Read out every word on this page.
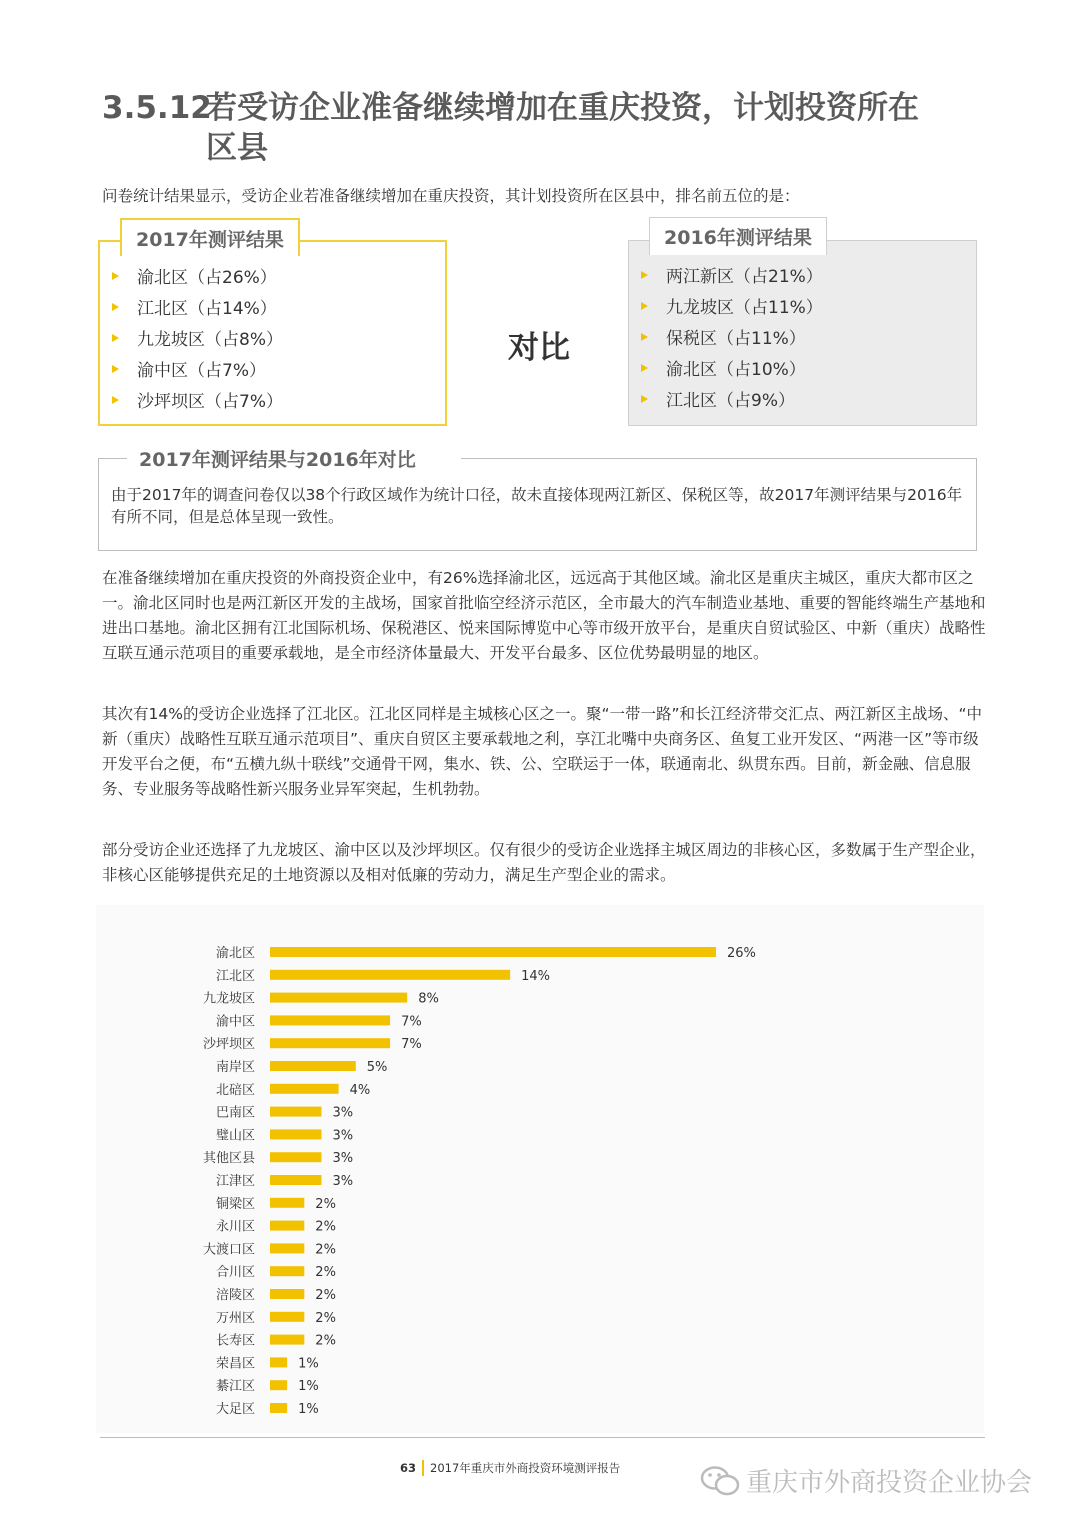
3.5.12若受访企业准备继续增加在重庆投资，计划投资所在
区县
问卷统计结果显示，受访企业若准备继续增加在重庆投资，其计划投资所在区县中，排名前五位的是：
2017年测评结果
渝北区（占26%）
江北区（占14%）
九龙坡区（占8%）
渝中区（占7%）
沙坪坝区（占7%）
对比
2016年测评结果
两江新区（占21%）
九龙坡区（占11%）
保税区（占11%）
渝北区（占10%）
江北区（占9%）
2017年测评结果与2016年对比
由于2017年的调查问卷仅以38个行政区域作为统计口径，故未直接体现两江新区、保税区等，故2017年测评结果与2016年有所不同，但是总体呈现一致性。
在准备继续增加在重庆投资的外商投资企业中，有26%选择渝北区，远远高于其他区域。渝北区是重庆主城区，重庆大都市区之一。渝北区同时也是两江新区开发的主战场，国家首批临空经济示范区，全市最大的汽车制造业基地、重要的智能终端生产基地和进出口基地。渝北区拥有江北国际机场、保税港区、悦来国际博览中心等市级开放平台，是重庆自贸试验区、中新（重庆）战略性互联互通示范项目的重要承载地，是全市经济体量最大、开发平台最多、区位优势最明显的地区。
其次有14%的受访企业选择了江北区。江北区同样是主城核心区之一。聚“一带一路”和长江经济带交汇点、两江新区主战场、“中新（重庆）战略性互联互通示范项目”、重庆自贸区主要承载地之利，享江北嘴中央商务区、鱼复工业开发区、“两港一区”等市级开发平台之便，布“五横九纵十联线”交通骨干网，集水、铁、公、空联运于一体，联通南北、纵贯东西。目前，新金融、信息服务、专业服务等战略性新兴服务业异军突起，生机勃勃。
部分受访企业还选择了九龙坡区、渝中区以及沙坪坝区。仅有很少的受访企业选择主城区周边的非核心区，多数属于生产型企业，非核心区能够提供充足的土地资源以及相对低廉的劳动力，满足生产型企业的需求。
渝北区	26%
江北区	14%
九龙坡区	8%
渝中区	7%
沙坪坝区	7%
南岸区	5%
北碚区	4%
巴南区	3%
璧山区	3%
其他区县	3%
江津区	3%
铜梁区	2%
永川区	2%
大渡口区	2%
合川区	2%
涪陵区	2%
万州区	2%
长寿区	2%
荣昌区	1%
綦江区	1%
大足区	1%
63 2017年重庆市外商投资环境测评报告	重庆市外商投资企业协会
